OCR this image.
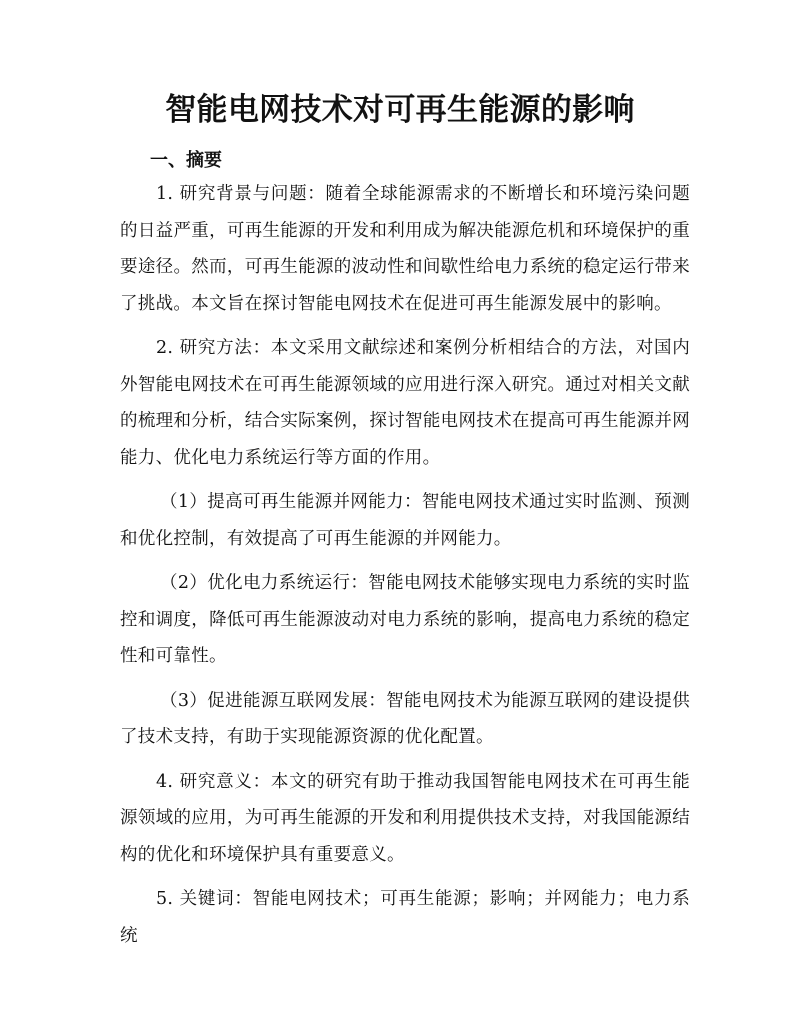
智能电网技术对可再生能源的影响
一、摘要

1. 研究背景与问题：随着全球能源需求的不断增长和环境污染问题的日益严重，可再生能源的开发和利用成为解决能源危机和环境保护的重要途径。然而，可再生能源的波动性和间歇性给电力系统的稳定运行带来了挑战。本文旨在探讨智能电网技术在促进可再生能源发展中的影响。

2. 研究方法：本文采用文献综述和案例分析相结合的方法，对国内外智能电网技术在可再生能源领域的应用进行深入研究。通过对相关文献的梳理和分析，结合实际案例，探讨智能电网技术在提高可再生能源并网能力、优化电力系统运行等方面的作用。

（1）提高可再生能源并网能力：智能电网技术通过实时监测、预测和优化控制，有效提高了可再生能源的并网能力。

（2）优化电力系统运行：智能电网技术能够实现电力系统的实时监控和调度，降低可再生能源波动对电力系统的影响，提高电力系统的稳定性和可靠性。

（3）促进能源互联网发展：智能电网技术为能源互联网的建设提供了技术支持，有助于实现能源资源的优化配置。

4. 研究意义：本文的研究有助于推动我国智能电网技术在可再生能源领域的应用，为可再生能源的开发和利用提供技术支持，对我国能源结构的优化和环境保护具有重要意义。

5. 关键词：智能电网技术；可再生能源；影响；并网能力；电力系统
